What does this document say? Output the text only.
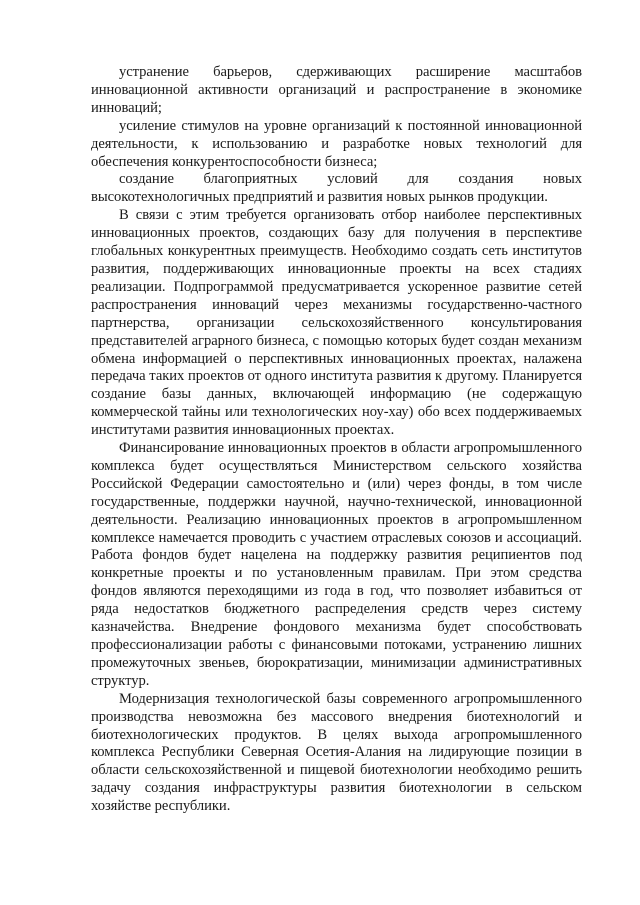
устранение барьеров, сдерживающих расширение масштабов инновационной активности организаций и распространение в экономике инноваций;

усиление стимулов на уровне организаций к постоянной инновационной деятельности, к использованию и разработке новых технологий для обеспечения конкурентоспособности бизнеса;

создание благоприятных условий для создания новых высокотехнологичных предприятий и развития новых рынков продукции.

В связи с этим требуется организовать отбор наиболее перспективных инновационных проектов, создающих базу для получения в перспективе глобальных конкурентных преимуществ. Необходимо создать сеть институтов развития, поддерживающих инновационные проекты на всех стадиях реализации. Подпрограммой предусматривается ускоренное развитие сетей распространения инноваций через механизмы государственно-частного партнерства, организации сельскохозяйственного консультирования представителей аграрного бизнеса, с помощью которых будет создан механизм обмена информацией о перспективных инновационных проектах, налажена передача таких проектов от одного института развития к другому. Планируется создание базы данных, включающей информацию (не содержащую коммерческой тайны или технологических ноу-хау) обо всех поддерживаемых институтами развития инновационных проектах.

Финансирование инновационных проектов в области агропромышленного комплекса будет осуществляться Министерством сельского хозяйства Российской Федерации самостоятельно и (или) через фонды, в том числе государственные, поддержки научной, научно-технической, инновационной деятельности. Реализацию инновационных проектов в агропромышленном комплексе намечается проводить с участием отраслевых союзов и ассоциаций. Работа фондов будет нацелена на поддержку развития реципиентов под конкретные проекты и по установленным правилам. При этом средства фондов являются переходящими из года в год, что позволяет избавиться от ряда недостатков бюджетного распределения средств через систему казначейства. Внедрение фондового механизма будет способствовать профессионализации работы с финансовыми потоками, устранению лишних промежуточных звеньев, бюрократизации, минимизации административных структур.

Модернизация технологической базы современного агропромышленного производства невозможна без массового внедрения биотехнологий и биотехнологических продуктов. В целях выхода агропромышленного комплекса Республики Северная Осетия-Алания на лидирующие позиции в области сельскохозяйственной и пищевой биотехнологии необходимо решить задачу создания инфраструктуры развития биотехнологии в сельском хозяйстве республики.
